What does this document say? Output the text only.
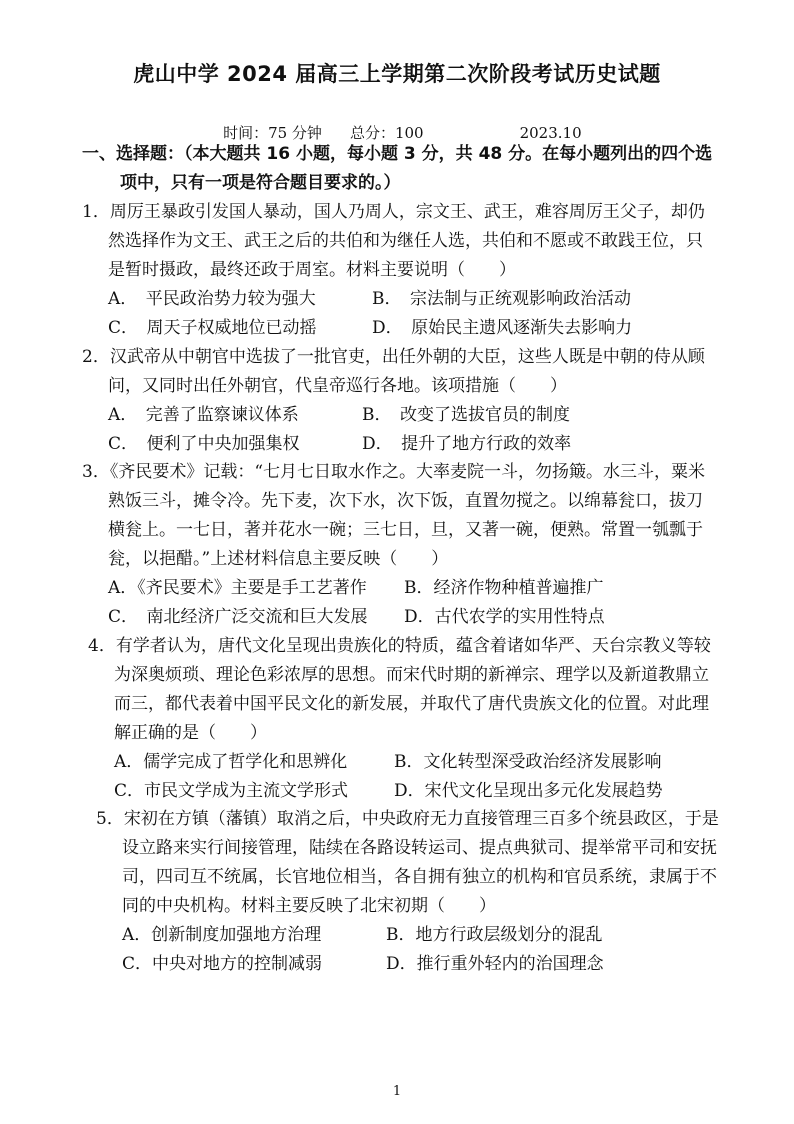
虎山中学 2024 届高三上学期第二次阶段考试历史试题

时间：75 分钟 总分：100	2023.10

一、选择题：（本大题共 16 小题，每小题 3 分，共 48 分。在每小题列出的四个选
项中，只有一项是符合题目要求的。）
1．周厉王暴政引发国人暴动，国人乃周人，宗文王、武王，难容周厉王父子，却仍
然选择作为文王、武王之后的共伯和为继任人选，共伯和不愿或不敢践王位，只
是暂时摄政，最终还政于周室。材料主要说明（　　）
A．　平民政治势力较为强大	B．　宗法制与正统观影响政治活动
C．　周天子权威地位已动摇	D．　原始民主遗风逐渐失去影响力
2．汉武帝从中朝官中选拔了一批官吏，出任外朝的大臣，这些人既是中朝的侍从顾
问，又同时出任外朝官，代皇帝巡行各地。该项措施（　　）
A．　完善了监察谏议体系	B．　改变了选拔官员的制度
C．　便利了中央加强集权	D．　提升了地方行政的效率
3．《齐民要术》记载：“七月七日取水作之。大率麦院一斗，勿扬簸。水三斗，粟米
熟饭三斗，摊令冷。先下麦，次下水，次下饭，直置勿搅之。以绵幕瓮口，拔刀
横瓮上。一七日，著并花水一碗；三七日，旦，又著一碗，便熟。常置一瓠瓢于
瓮，以挹醋。”上述材料信息主要反映（　　）
A．《齐民要术》主要是手工艺著作	B．经济作物种植普遍推广
C．　南北经济广泛交流和巨大发展	D．古代农学的实用性特点
4．有学者认为，唐代文化呈现出贵族化的特质，蕴含着诸如华严、天台宗教义等较
为深奥烦琐、理论色彩浓厚的思想。而宋代时期的新禅宗、理学以及新道教鼎立
而三，都代表着中国平民文化的新发展，并取代了唐代贵族文化的位置。对此理
解正确的是（　　）
A．儒学完成了哲学化和思辨化	B．文化转型深受政治经济发展影响
C．市民文学成为主流文学形式	D．宋代文化呈现出多元化发展趋势
5．宋初在方镇（藩镇）取消之后，中央政府无力直接管理三百多个统县政区，于是
设立路来实行间接管理，陆续在各路设转运司、提点典狱司、提举常平司和安抚
司，四司互不统属，长官地位相当，各自拥有独立的机构和官员系统，隶属于不
同的中央机构。材料主要反映了北宋初期（　　）
A．创新制度加强地方治理	B．地方行政层级划分的混乱
C．中央对地方的控制减弱	D．推行重外轻内的治国理念
1
